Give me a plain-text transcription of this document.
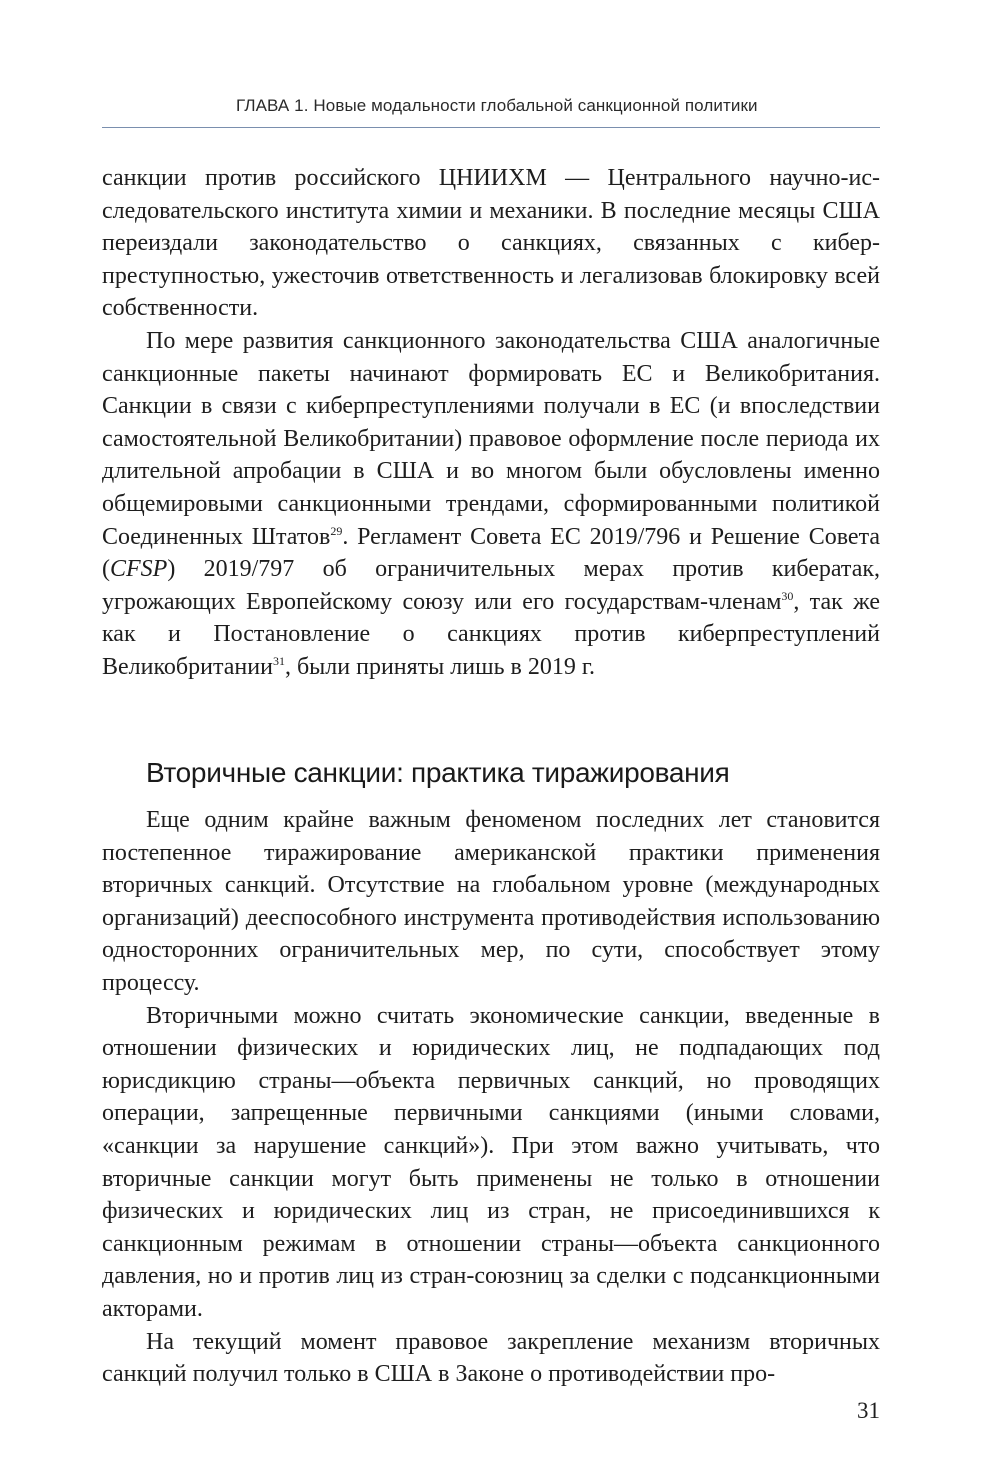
ГЛАВА 1. Новые модальности глобальной санкционной политики

санкции против российского ЦНИИХМ — Центрального научно-исследовательского института химии и механики. В последние месяцы США переиздали законодательство о санкциях, связанных с киберпреступностью, ужесточив ответственность и легализовав блокировку всей собственности.

По мере развития санкционного законодательства США аналогичные санкционные пакеты начинают формировать ЕС и Великобритания. Санкции в связи с киберпреступлениями получали в ЕС (и впоследствии самостоятельной Великобритании) правовое оформление после периода их длительной апробации в США и во многом были обусловлены именно общемировыми санкционными трендами, сформированными политикой Соединенных Штатов$^{29}$. Регламент Совета ЕС 2019/796 и Решение Совета (CFSP) 2019/797 об ограничительных мерах против кибератак, угрожающих Европейскому союзу или его государствам-членам$^{30}$, так же как и Постановление о санкциях против киберпреступлений Великобритании$^{31}$, были приняты лишь в 2019 г.

Вторичные санкции: практика тиражирования

Еще одним крайне важным феноменом последних лет становится постепенное тиражирование американской практики применения вторичных санкций. Отсутствие на глобальном уровне (международных организаций) дееспособного инструмента противодействия использованию односторонних ограничительных мер, по сути, способствует этому процессу.

Вторичными можно считать экономические санкции, введенные в отношении физических и юридических лиц, не подпадающих под юрисдикцию страны—объекта первичных санкций, но проводящих операции, запрещенные первичными санкциями (иными словами, «санкции за нарушение санкций»). При этом важно учитывать, что вторичные санкции могут быть применены не только в отношении физических и юридических лиц из стран, не присоединившихся к санкционным режимам в отношении страны—объекта санкционного давления, но и против лиц из стран-союзниц за сделки с подсанкционными акторами.

На текущий момент правовое закрепление механизм вторичных санкций получил только в США в Законе о противодействии про-

31
